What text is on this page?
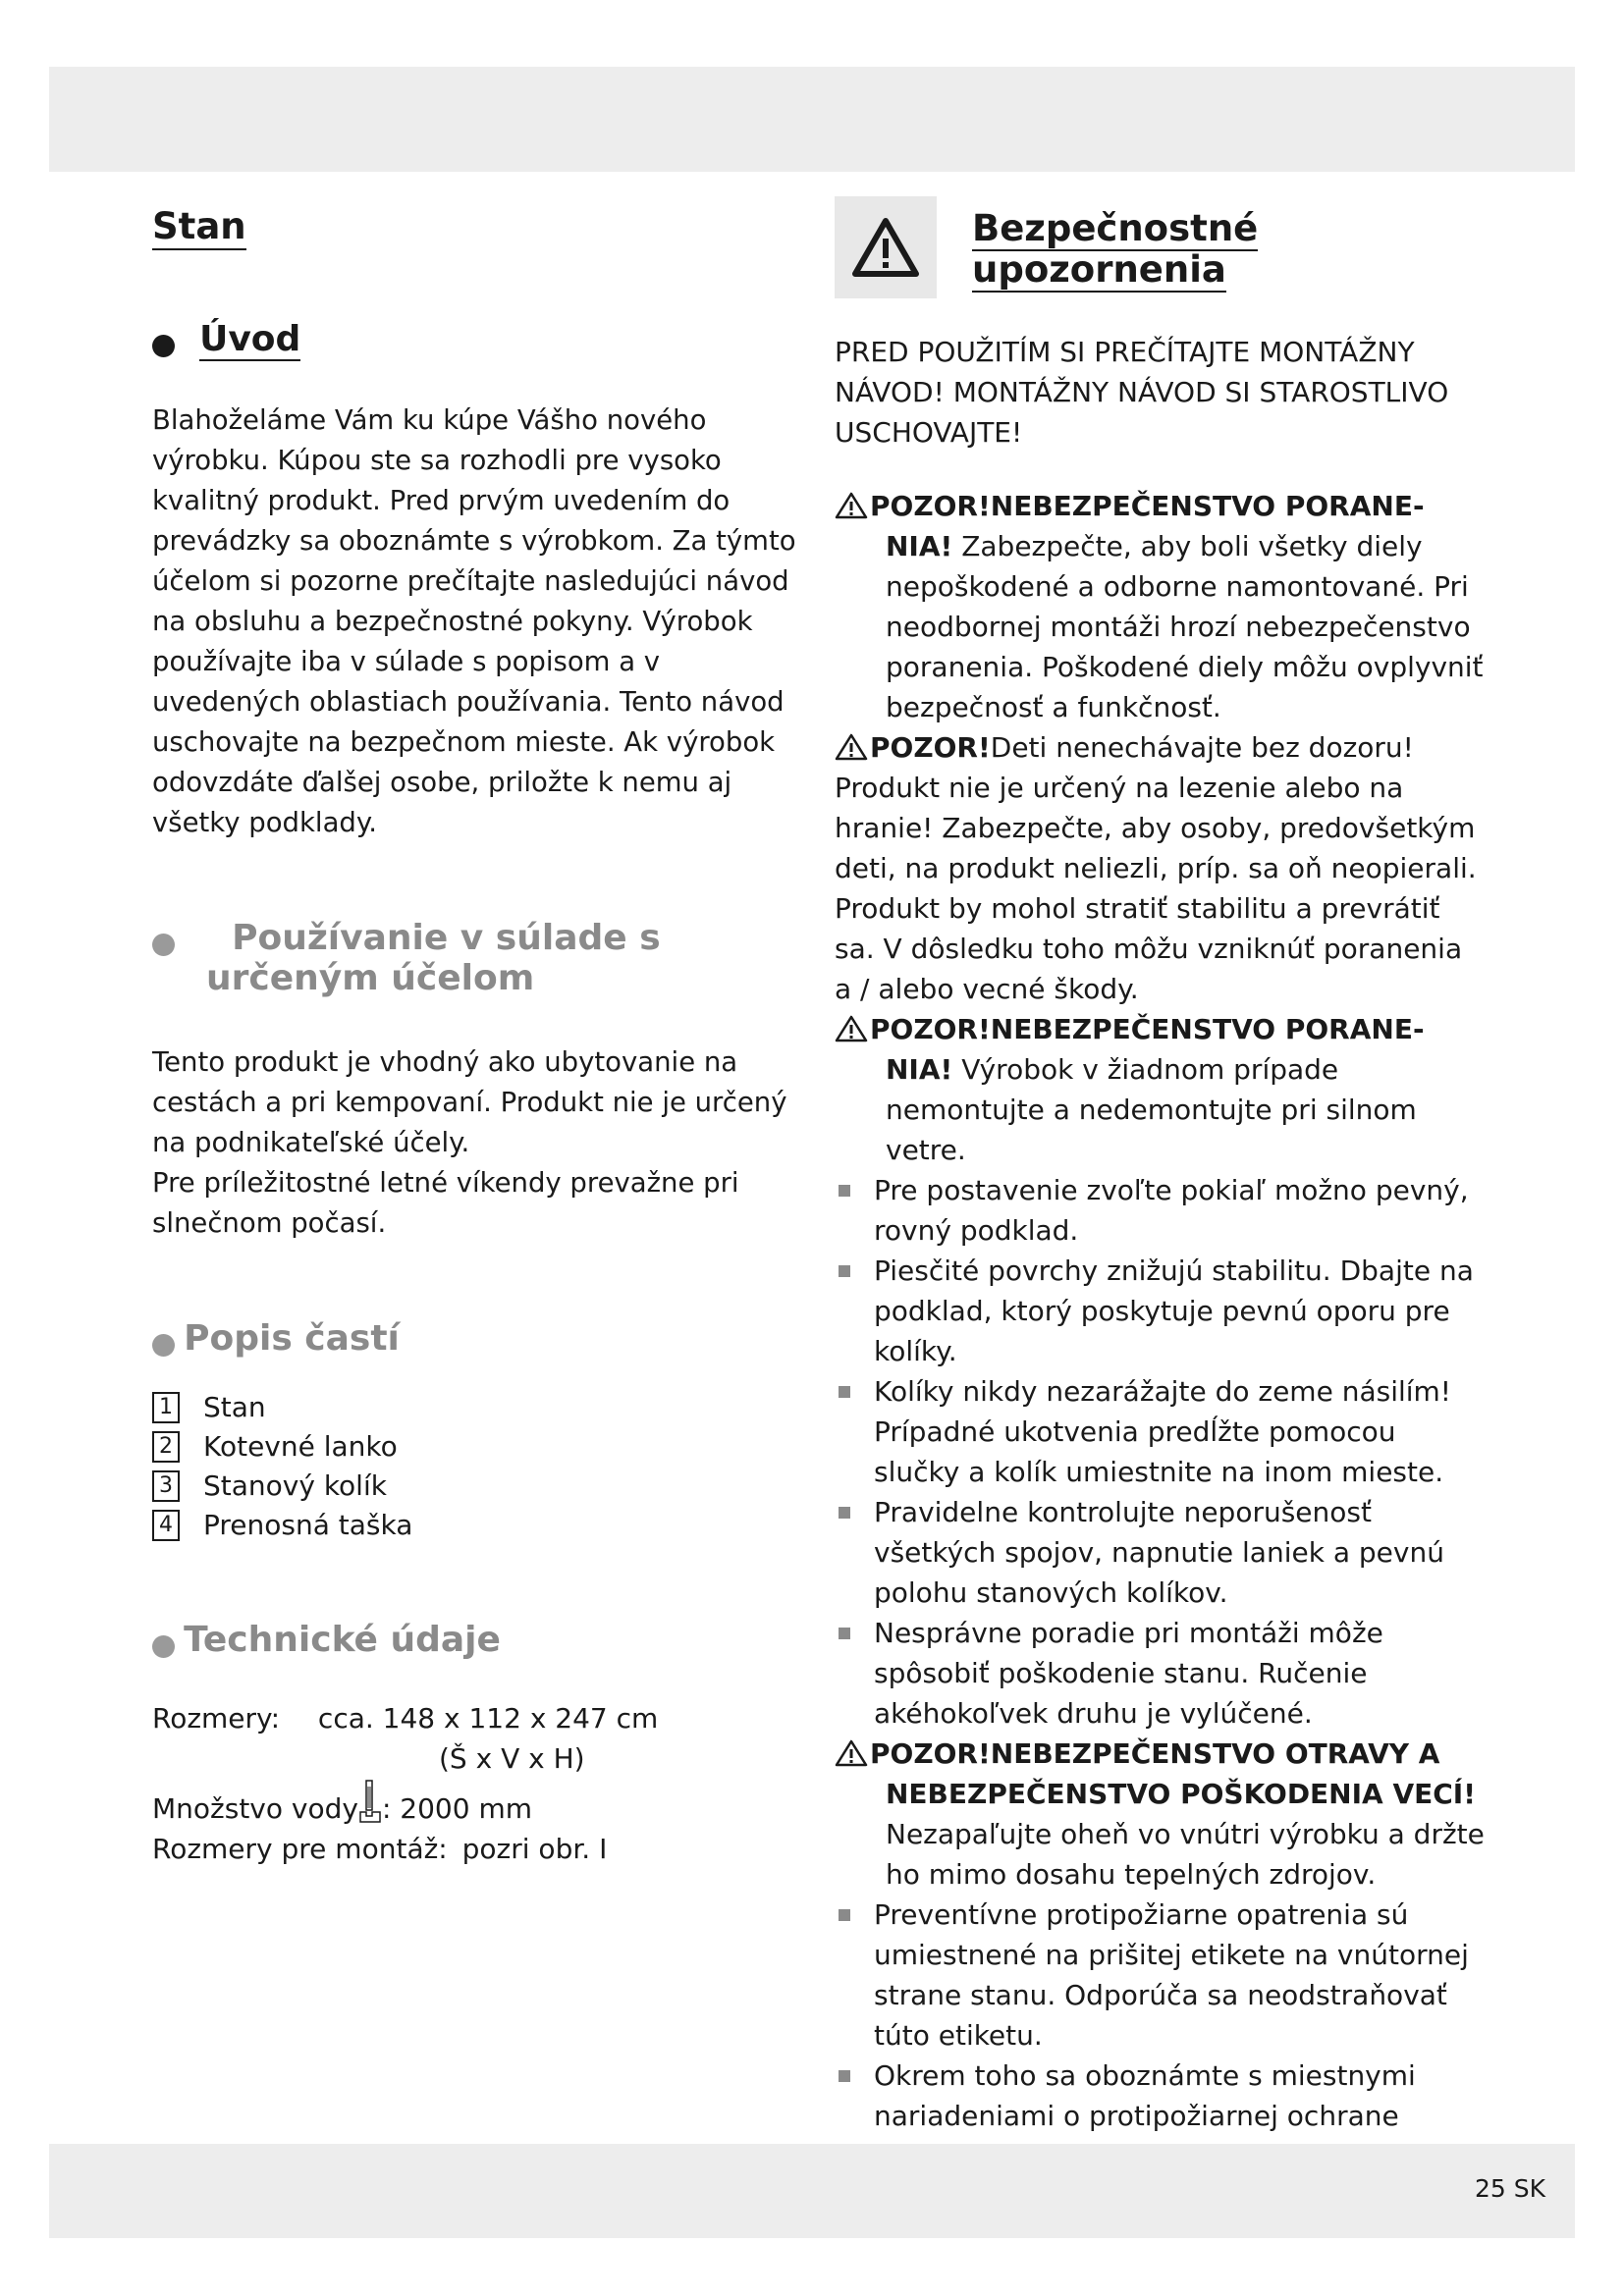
Stan
Úvod

Blahoželáme Vám ku kúpe Vášho nového výrobku. Kúpou ste sa rozhodli pre vysoko kvalitný produkt. Pred prvým uvedením do prevádzky sa oboznámte s výrobkom. Za týmto účelom si pozorne prečítajte nasledujúci návod na obsluhu a bezpečnostné pokyny. Výrobok používajte iba v súlade s popisom a v uvedených oblastiach používania. Tento návod uschovajte na bezpečnom mieste. Ak výrobok odovzdáte ďalšej osobe, priložte k nemu aj všetky podklady.

Používanie v súlade s
určeným účelom

Tento produkt je vhodný ako ubytovanie na cestách a pri kempovaní. Produkt nie je určený na podnikateľské účely.

Pre príležitostné letné víkendy prevažne pri slnečnom počasí.

Popis častí
1 Stan
2 Kotevné lanko
3 Stanový kolík
4 Prenosná taška
Technické údaje
Rozmery: cca. 148 x 112 x 247 cm
(Š x V x H)
Množstvo vody : 2000 mm
Rozmery pre montáž: pozri obr. I
Bezpečnostné
upozornenia
PRED POUŽITÍM SI PREČÍTAJTE MONTÁŽNY
NÁVOD! MONTÁŽNY NÁVOD SI STAROSTLIVO
USCHOVAJTE!
POZOR!NEBEZPEČENSTVO PORANE-
NIA! Zabezpečte, aby boli všetky diely nepoškodené a odborne namontované. Pri neodbornej montáži hrozí nebezpečenstvo poranenia. Poškodené diely môžu ovplyvniť bezpečnosť a funkčnosť.
POZOR!Deti nenechávajte bez dozoru! Produkt nie je určený na lezenie alebo na hranie! Zabezpečte, aby osoby, predovšetkým deti, na produkt neliezli, príp. sa oň neopierali. Produkt by mohol stratiť stabilitu a prevrátiť sa. V dôsledku toho môžu vzniknúť poranenia a / alebo vecné škody.
POZOR!NEBEZPEČENSTVO PORANE-
NIA! Výrobok v žiadnom prípade nemontujte a nedemontujte pri silnom vetre.
Pre postavenie zvoľte pokiaľ možno pevný, rovný podklad.
Piesčité povrchy znižujú stabilitu. Dbajte na podklad, ktorý poskytuje pevnú oporu pre kolíky.
Kolíky nikdy nezarážajte do zeme násilím! Prípadné ukotvenia predĺžte pomocou slučky a kolík umiestnite na inom mieste.
Pravidelne kontrolujte neporušenosť všetkých spojov, napnutie laniek a pevnú polohu stanových kolíkov.
Nesprávne poradie pri montáži môže spôsobiť poškodenie stanu. Ručenie akéhokoľvek druhu je vylúčené.
POZOR!NEBEZPEČENSTVO OTRAVY A
NEBEZPEČENSTVO POŠKODENIA VECÍ!
Nezapaľujte oheň vo vnútri výrobku a držte ho mimo dosahu tepelných zdrojov.
Preventívne protipožiarne opatrenia sú umiestnené na prišitej etikete na vnútornej strane stanu. Odporúča sa neodstraňovať túto etiketu.
Okrem toho sa oboznámte s miestnymi nariadeniami o protipožiarnej ochrane
25 SK
